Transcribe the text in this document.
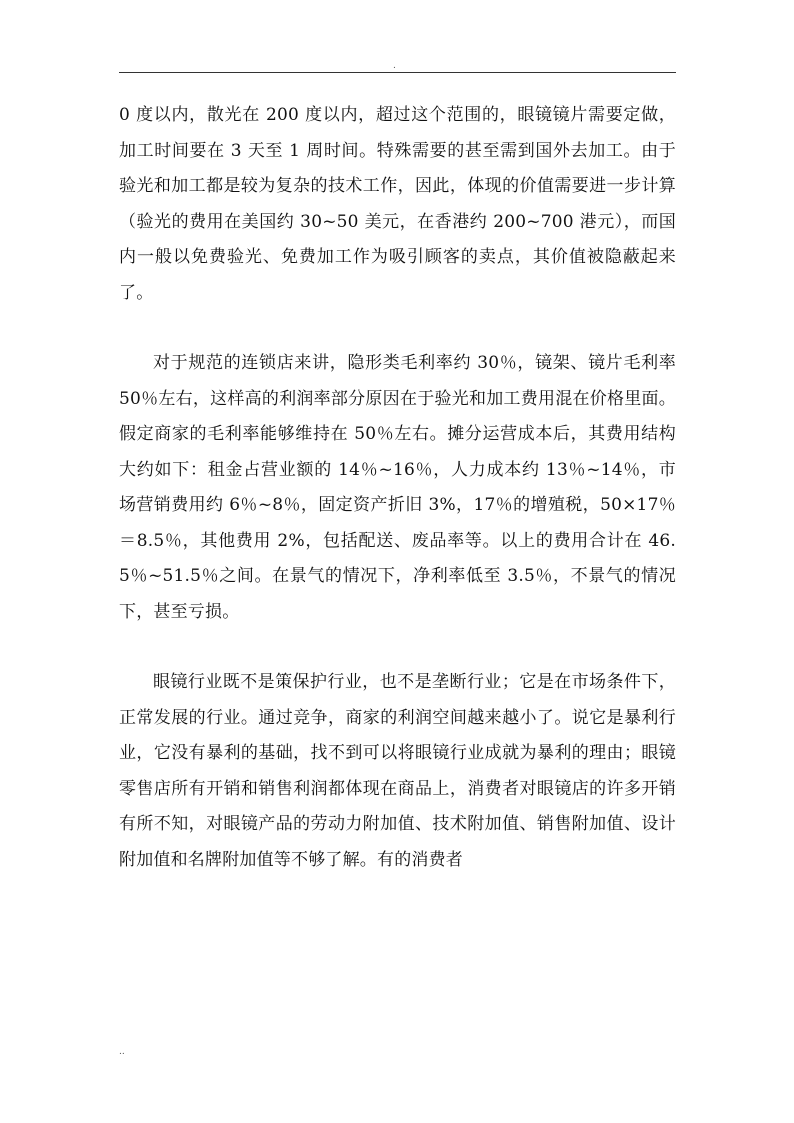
.

0 度以内，散光在 200 度以内，超过这个范围的，眼镜镜片需要定做，加工时间要在 3 天至 1 周时间。特殊需要的甚至需到国外去加工。由于验光和加工都是较为复杂的技术工作，因此，体现的价值需要进一步计算（验光的费用在美国约 30~50 美元，在香港约 200~700 港元），而国内一般以免费验光、免费加工作为吸引顾客的卖点，其价值被隐蔽起来了。

对于规范的连锁店来讲，隐形类毛利率约 30％，镜架、镜片毛利率 50％左右，这样高的利润率部分原因在于验光和加工费用混在价格里面。假定商家的毛利率能够维持在 50％左右。摊分运营成本后，其费用结构大约如下：租金占营业额的 14％~16％，人力成本约 13％~14％，市场营销费用约 6％~8％，固定资产折旧 3%，17％的增殖税，50×17％＝8.5％，其他费用 2%，包括配送、废品率等。以上的费用合计在 46.5％~51.5％之间。在景气的情况下，净利率低至 3.5％，不景气的情况下，甚至亏损。

眼镜行业既不是策保护行业，也不是垄断行业；它是在市场条件下，正常发展的行业。通过竞争，商家的利润空间越来越小了。说它是暴利行业，它没有暴利的基础，找不到可以将眼镜行业成就为暴利的理由；眼镜零售店所有开销和销售利润都体现在商品上，消费者对眼镜店的许多开销有所不知，对眼镜产品的劳动力附加值、技术附加值、销售附加值、设计附加值和名牌附加值等不够了解。有的消费者

..
